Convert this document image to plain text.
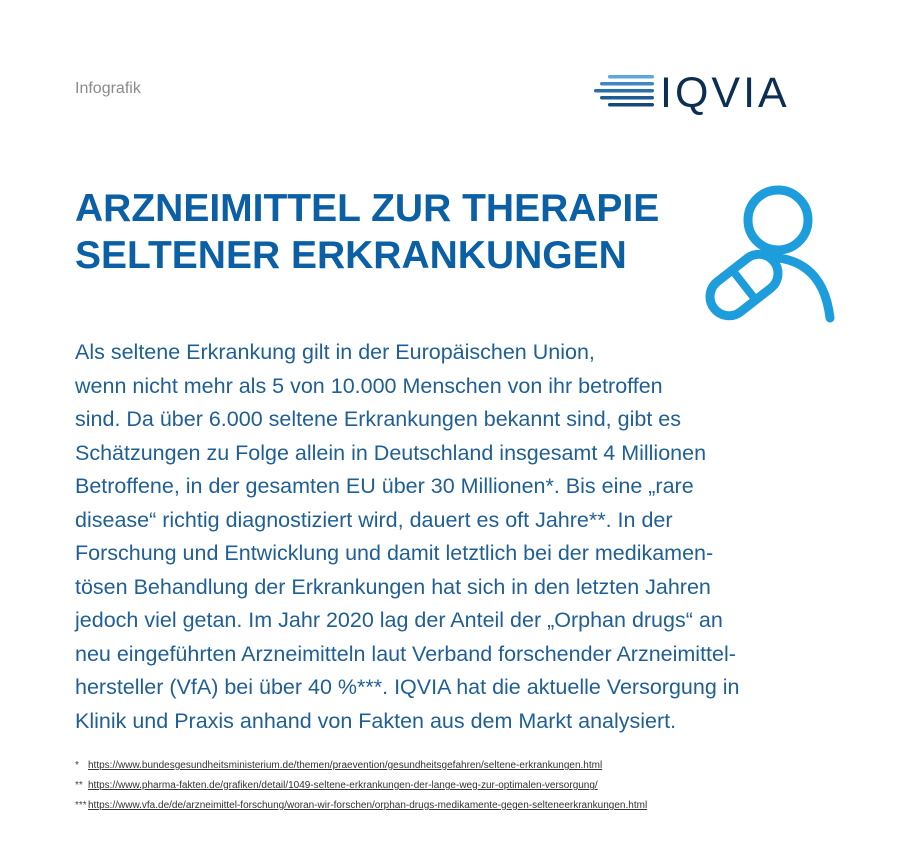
Infografik	IQVIA
ARZNEIMITTEL ZUR THERAPIE
SELTENER ERKRANKUNGEN
Als seltene Erkrankung gilt in der Europäischen Union,
wenn nicht mehr als 5 von 10.000 Menschen von ihr betroffen
sind. Da über 6.000 seltene Erkrankungen bekannt sind, gibt es
Schätzungen zu Folge allein in Deutschland insgesamt 4 Millionen
Betroffene, in der gesamten EU über 30 Millionen*. Bis eine „rare
disease“ richtig diagnostiziert wird, dauert es oft Jahre**. In der
Forschung und Entwicklung und damit letztlich bei der medikamen-
tösen Behandlung der Erkrankungen hat sich in den letzten Jahren
jedoch viel getan. Im Jahr 2020 lag der Anteil der „Orphan drugs“ an
neu eingeführten Arzneimitteln laut Verband forschender Arzneimittel-
hersteller (VfA) bei über 40 %***. IQVIA hat die aktuelle Versorgung in
Klinik und Praxis anhand von Fakten aus dem Markt analysiert.
* https://www.bundesgesundheitsministerium.de/themen/praevention/gesundheitsgefahren/seltene-erkrankungen.html
** https://www.pharma-fakten.de/grafiken/detail/1049-seltene-erkrankungen-der-lange-weg-zur-optimalen-versorgung/
***https://www.vfa.de/de/arzneimittel-forschung/woran-wir-forschen/orphan-drugs-medikamente-gegen-selteneerkrankungen.html
